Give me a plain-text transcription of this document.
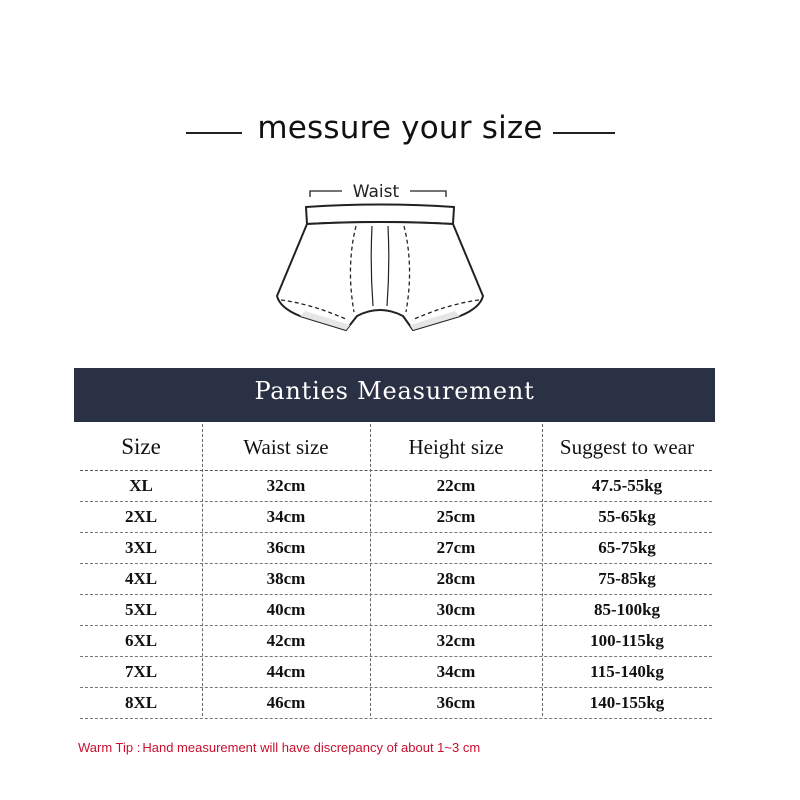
messure your size
Waist
Panties Measurement
Size	Waist size	Height size	Suggest to wear
XL	32cm	22cm	47.5-55kg
2XL	34cm	25cm	55-65kg
3XL	36cm	27cm	65-75kg
4XL	38cm	28cm	75-85kg
5XL	40cm	30cm	85-100kg
6XL	42cm	32cm	100-115kg
7XL	44cm	34cm	115-140kg
8XL	46cm	36cm	140-155kg
Warm Tip : Hand measurement will have discrepancy of about 1~3 cm
